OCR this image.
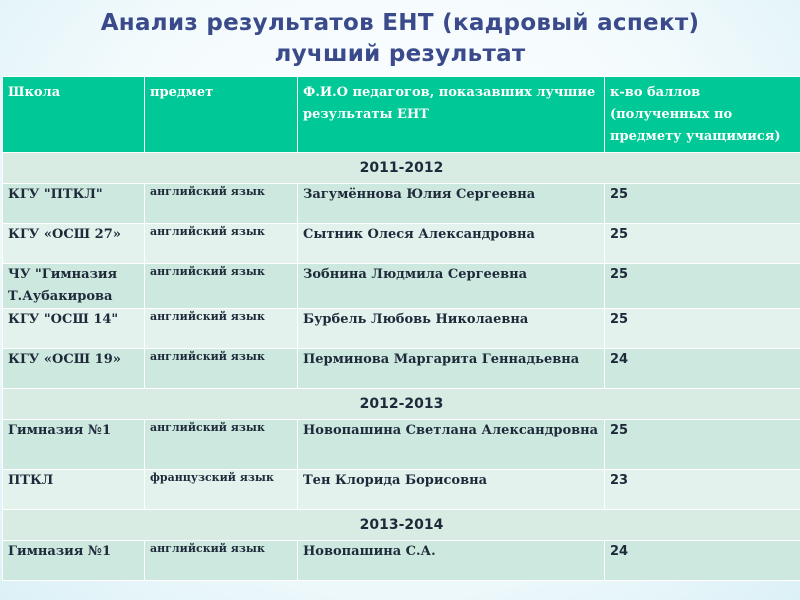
Анализ результатов ЕНТ (кадровый аспект)
лучший результат
Школа	предмет	Ф.И.О педагогов, показавших лучшие результаты ЕНТ	к-во баллов (полученных по предмету учащимися)
2011-2012			
КГУ "ПТКЛ"	английский язык	Загумённова Юлия Сергеевна	25
КГУ «ОСШ 27»	английский язык	Сытник Олеся Александровна	25
ЧУ "Гимназия Т.Аубакирова	английский язык	Зобнина Людмила Сергеевна	25
КГУ "ОСШ 14"	английский язык	Бурбель Любовь Николаевна	25
КГУ «ОСШ 19»	английский язык	Перминова Маргарита Геннадьевна	24
2012-2013			
Гимназия №1	английский язык	Новопашина Светлана Александровна	25
ПТКЛ	французский язык	Тен Клорида Борисовна	23
2013-2014			
Гимназия №1	английский язык	Новопашина С.А.	24
